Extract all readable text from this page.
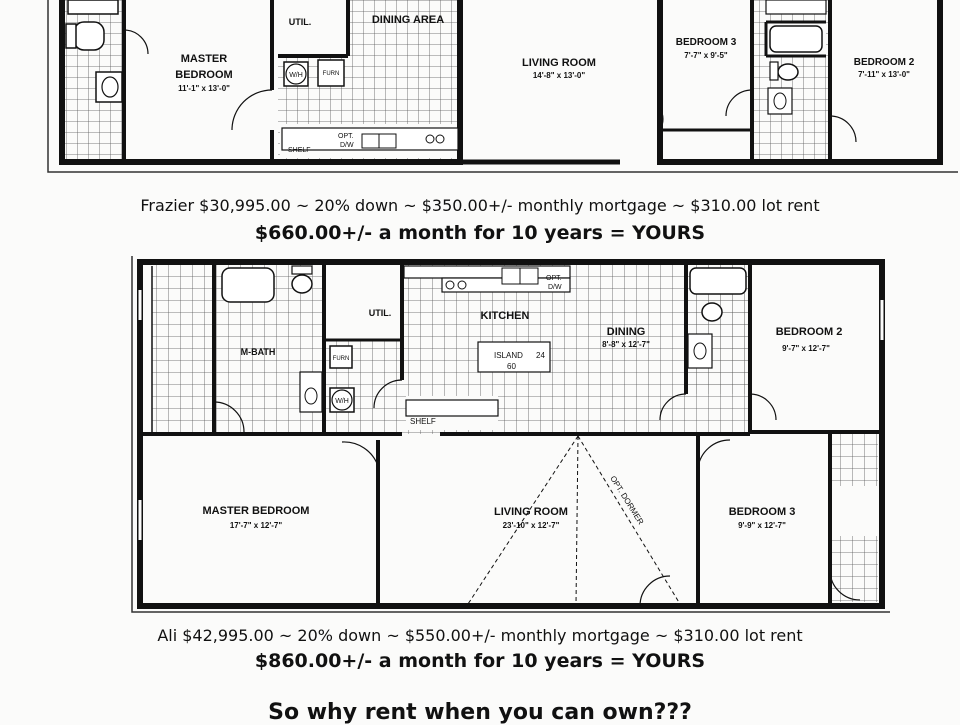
W/H	FURN
SHELF
OPT.
D/W
MASTER
BEDROOM
11'-1" x 13'-0"
UTIL.	DINING AREA
LIVING ROOM
14'-8" x 13'-0"
BEDROOM 3
7'-7" x 9'-5"
BEDROOM 2
7'-11" x 13'-0"
OPT.
D/W
SHELF
ISLAND 24
60
FURN
W/H
OPT. DORMER
M-BATH
UTIL.	KITCHEN
DINING
8'-8" x 12'-7"
BEDROOM 2
9'-7" x 12'-7"
MASTER BEDROOM
17'-7" x 12'-7"
LIVING ROOM
23'-10" x 12'-7"
BEDROOM 3
9'-9" x 12'-7"
Frazier $30,995.00 ~ 20% down ~ $350.00+/- monthly mortgage ~ $310.00 lot rent
$660.00+/- a month for 10 years = YOURS
Ali $42,995.00 ~ 20% down ~ $550.00+/- monthly mortgage ~ $310.00 lot rent
$860.00+/- a month for 10 years = YOURS
So why rent when you can own???
